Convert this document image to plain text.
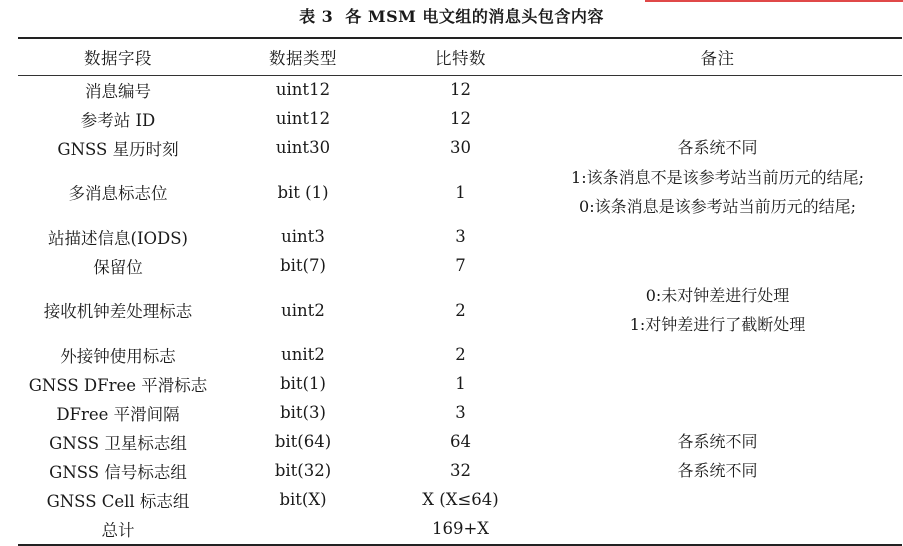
表 3 各 MSM 电文组的消息头包含内容
数据字段	数据类型	比特数	备注
消息编号	uint12	12	
参考站 ID	uint12	12	
GNSS 星历时刻	uint30	30	各系统不同
多消息标志位	bit (1)	1	1:该条消息不是该参考站当前历元的结尾;
0:该条消息是该参考站当前历元的结尾;

站描述信息(IODS)	uint3	3	
保留位	bit(7)	7	
接收机钟差处理标志	uint2	2	0:未对钟差进行处理
1:对钟差进行了截断处理

外接钟使用标志	unit2	2	
GNSS DFree 平滑标志	bit(1)	1	
DFree 平滑间隔	bit(3)	3	
GNSS 卫星标志组	bit(64)	64	各系统不同
GNSS 信号标志组	bit(32)	32	各系统不同
GNSS Cell 标志组	bit(X)	X (X≤64)	
总计		169+X	
